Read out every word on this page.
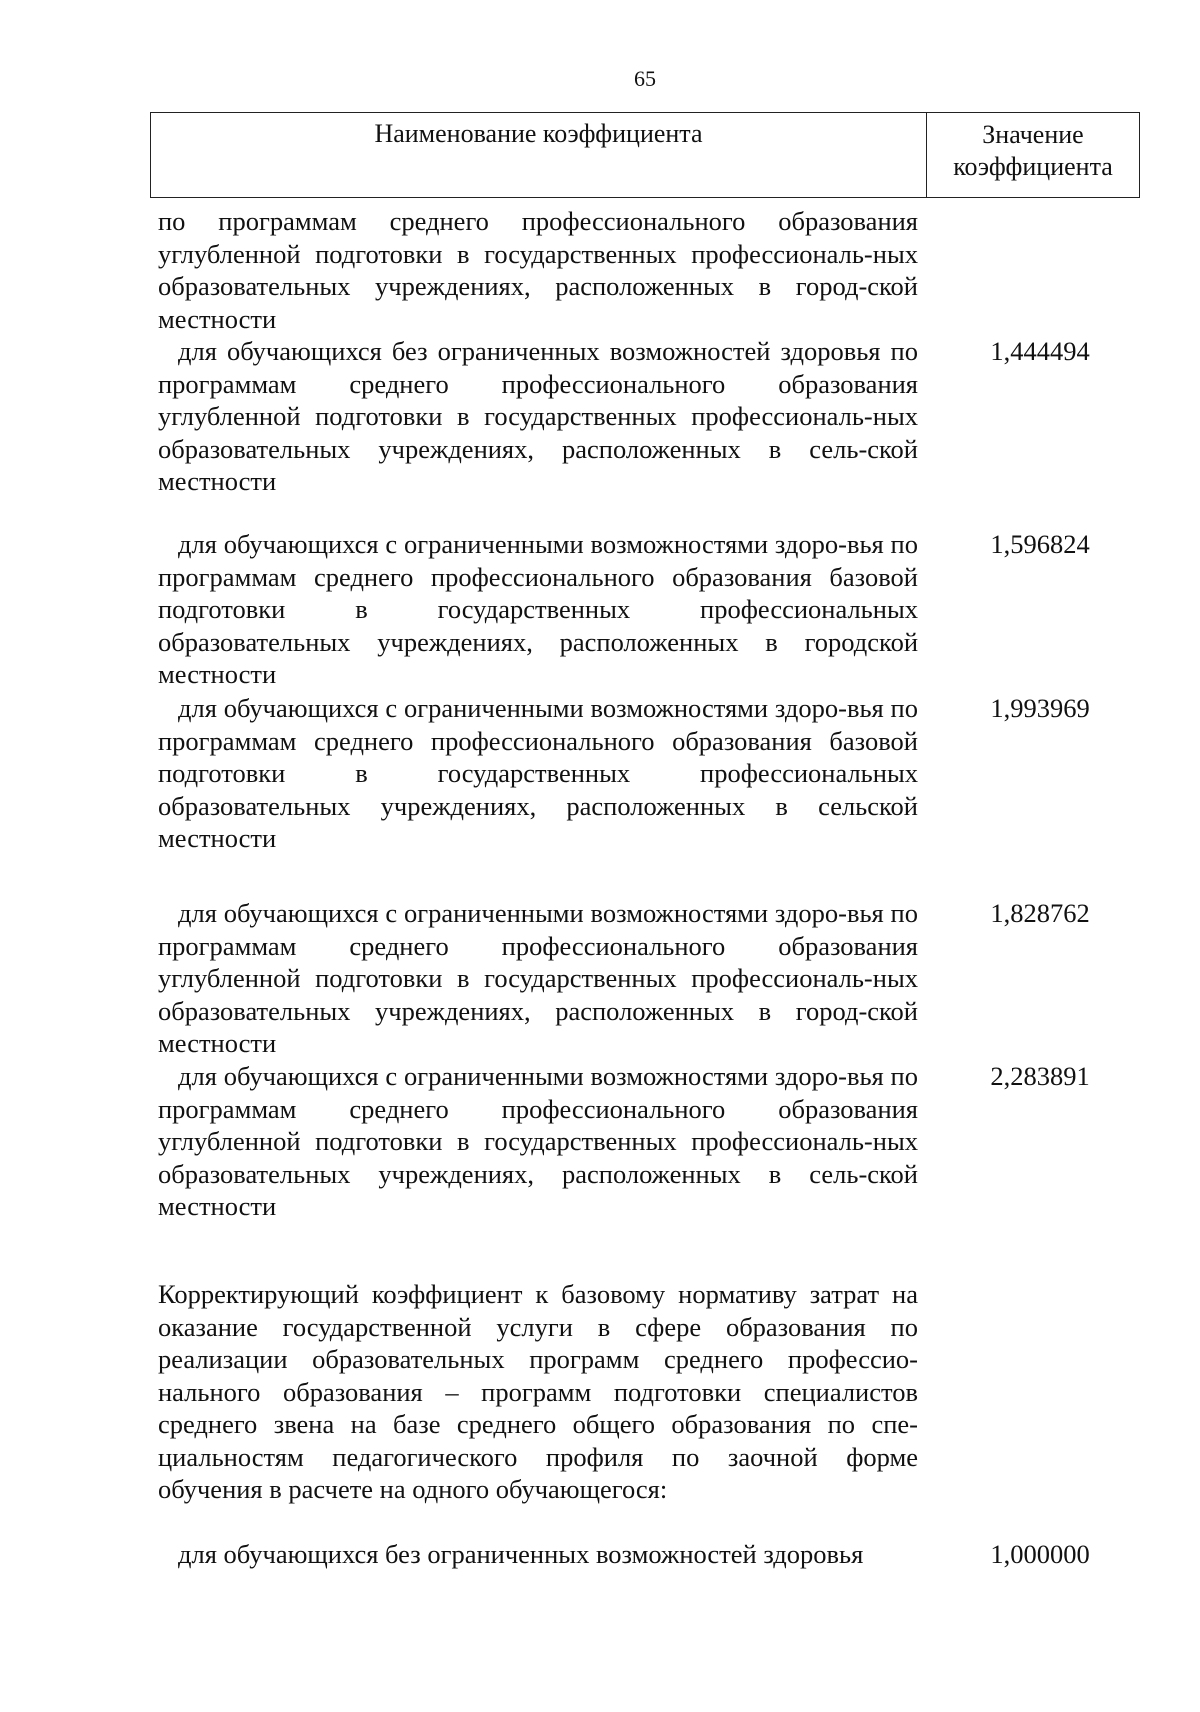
65
Наименование коэффициента	Значение коэффициента
по программам среднего профессионального образования углубленной подготовки в государственных профессиональ-ных образовательных учреждениях, расположенных в город-ской местности
для обучающихся без ограниченных возможностей здоровья по программам среднего профессионального образования углубленной подготовки в государственных профессиональ-ных образовательных учреждениях, расположенных в сель-ской местности
1,444494
для обучающихся с ограниченными возможностями здоро-вья по программам среднего профессионального образования базовой подготовки в государственных профессиональных образовательных учреждениях, расположенных в городской местности
1,596824
для обучающихся с ограниченными возможностями здоро-вья по программам среднего профессионального образования базовой подготовки в государственных профессиональных образовательных учреждениях, расположенных в сельской местности
1,993969
для обучающихся с ограниченными возможностями здоро-вья по программам среднего профессионального образования углубленной подготовки в государственных профессиональ-ных образовательных учреждениях, расположенных в город-ской местности
1,828762
для обучающихся с ограниченными возможностями здоро-вья по программам среднего профессионального образования углубленной подготовки в государственных профессиональ-ных образовательных учреждениях, расположенных в сель-ской местности
2,283891
Корректирующий коэффициент к базовому нормативу затрат на оказание государственной услуги в сфере образования по реализации образовательных программ среднего профессио-нального образования – программ подготовки специалистов среднего звена на базе среднего общего образования по спе-циальностям педагогического профиля по заочной форме обучения в расчете на одного обучающегося:
для обучающихся без ограниченных возможностей здоровья	1,000000
